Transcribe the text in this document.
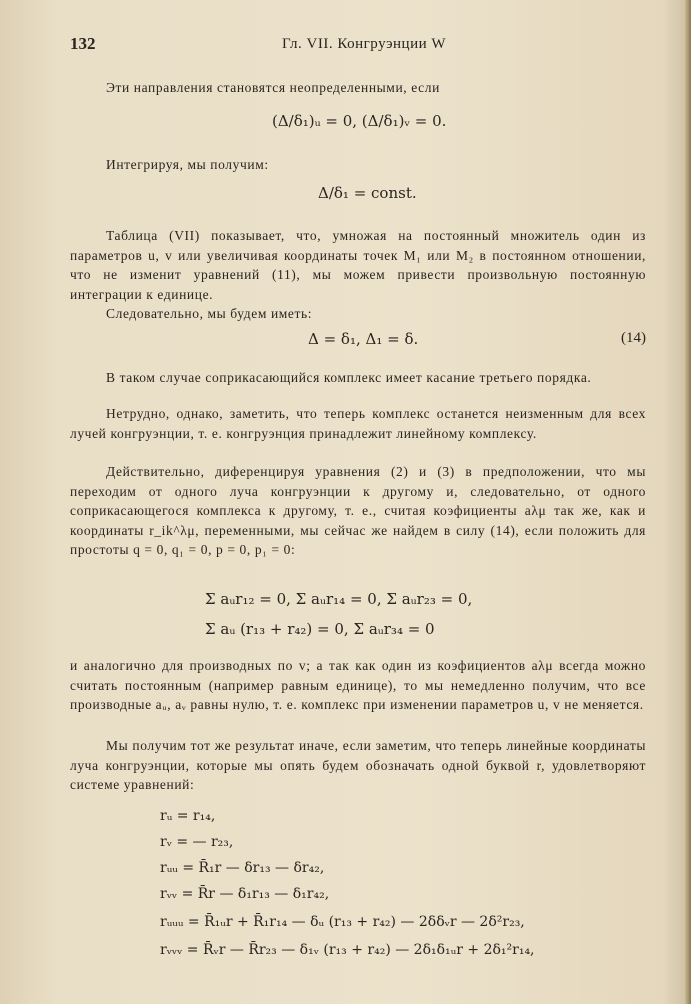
132	Гл. VII. Конгруэнции W

Эти направления становятся неопределенными, если

(Δ/δ₁)ᵤ = 0, (Δ/δ₁)ᵥ = 0.

Интегрируя, мы получим:

Δ/δ₁ = const.

Таблица (VII) показывает, что, умножая на постоянный множитель один из параметров u, v или увеличивая координаты точек M₁ или M₂ в постоянном отношении, что не изменит уравнений (11), мы можем привести произвольную постоянную интеграции к единице.

Следовательно, мы будем иметь:

Δ = δ₁, Δ₁ = δ.	(14)

В таком случае соприкасающийся комплекс имеет касание третьего порядка.

Нетрудно, однако, заметить, что теперь комплекс останется неизменным для всех лучей конгруэнции, т. е. конгруэнция принадлежит линейному комплексу.

Действительно, диференцируя уравнения (2) и (3) в предположении, что мы переходим от одного луча конгруэнции к другому и, следовательно, от одного соприкасающегося комплекса к другому, т. е., считая коэфициенты aλμ так же, как и координаты r_ik^λμ, переменными, мы сейчас же найдем в силу (14), если положить для простоты q = 0, q₁ = 0, p = 0, p₁ = 0:

Σ aᵤr₁₂ = 0, Σ aᵤr₁₄ = 0, Σ aᵤr₂₃ = 0,
Σ aᵤ (r₁₃ + r₄₂) = 0, Σ aᵤr₃₄ = 0

и аналогично для производных по v; а так как один из коэфициентов aλμ всегда можно считать постоянным (например равным единице), то мы немедленно получим, что все производные aᵤ, aᵥ равны нулю, т. е. комплекс при изменении параметров u, v не меняется.

Мы получим тот же результат иначе, если заметим, что теперь линейные координаты луча конгруэнции, которые мы опять будем обозначать одной буквой r, удовлетворяют системе уравнений:

rᵤ = r₁₄,
rᵥ = — r₂₃,
rᵤᵤ = R̄₁r — δr₁₃ — δr₄₂,
rᵥᵥ = R̄r — δ₁r₁₃ — δ₁r₄₂,
rᵤᵤᵤ = R̄₁ᵤr + R̄₁r₁₄ — δᵤ (r₁₃ + r₄₂) — 2δδᵥr — 2δ²r₂₃,
rᵥᵥᵥ = R̄ᵥr — R̄r₂₃ — δ₁ᵥ (r₁₃ + r₄₂) — 2δ₁δ₁ᵤr + 2δ₁²r₁₄,
